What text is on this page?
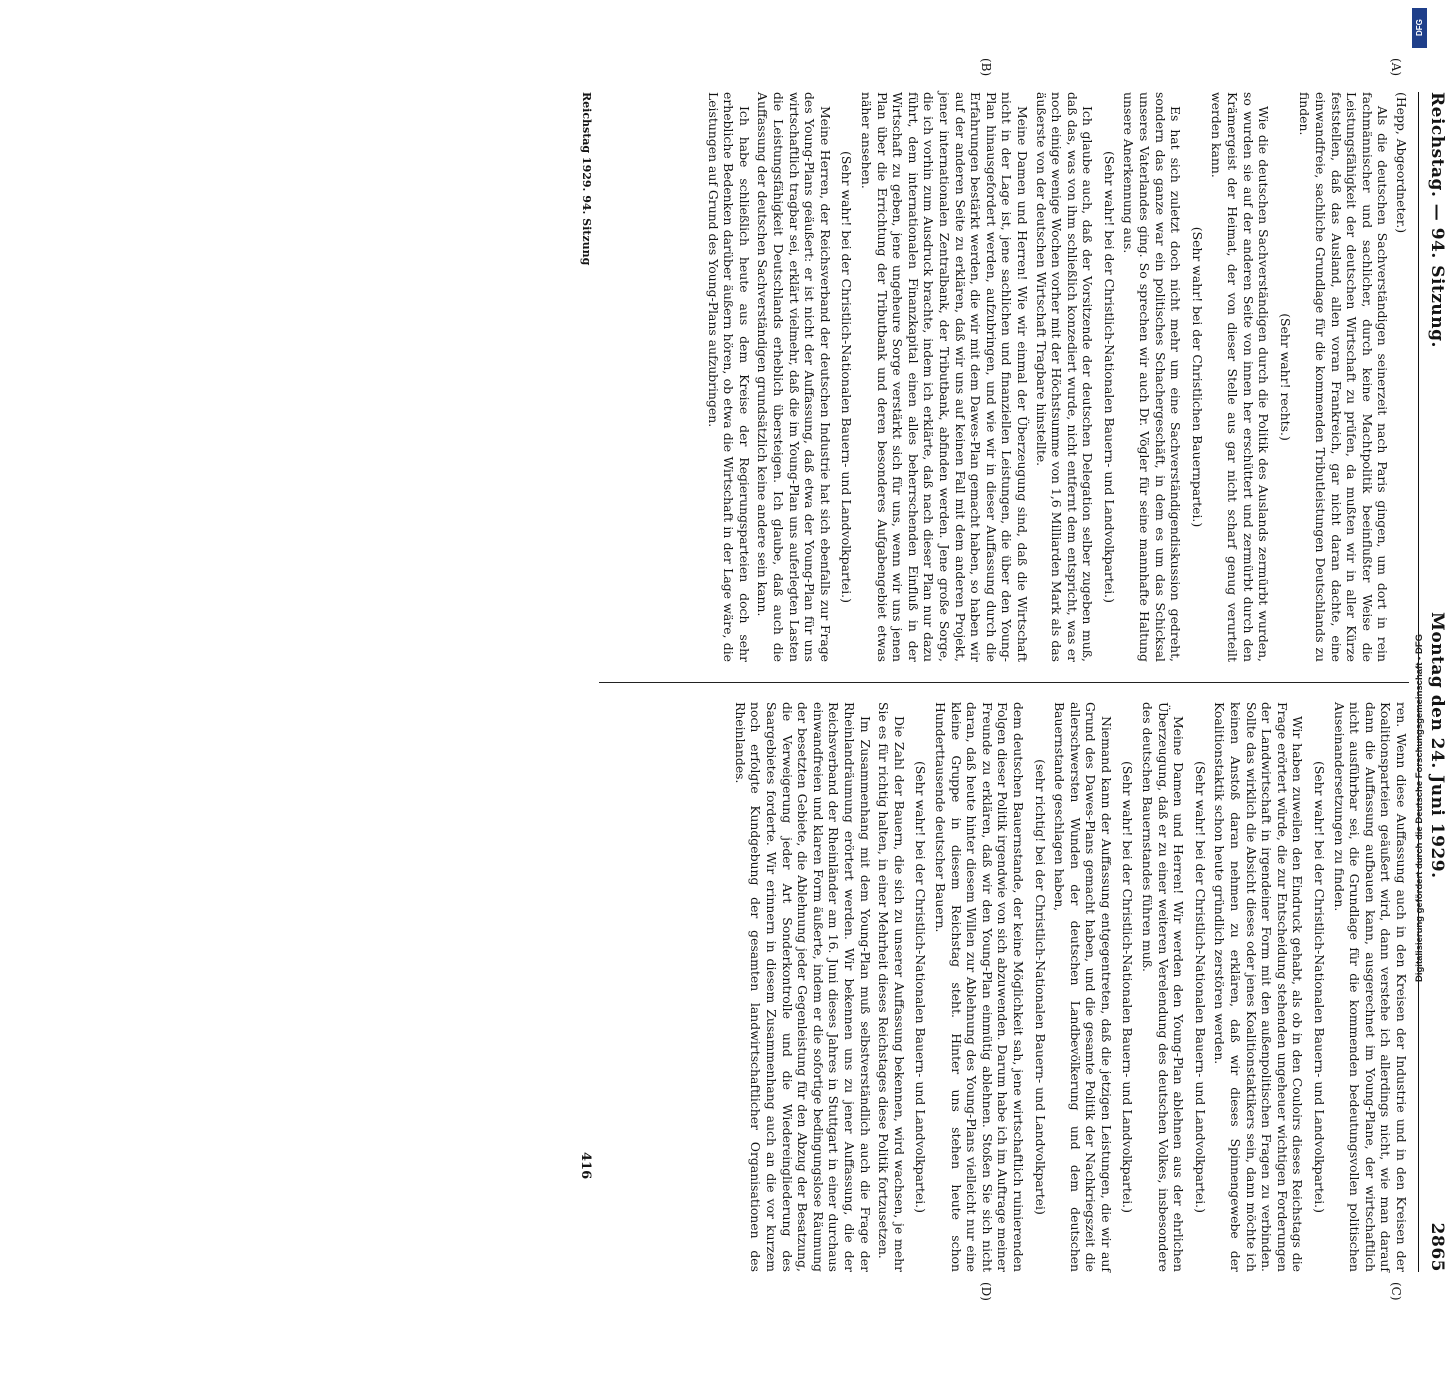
Reichstag. — 94. Sitzung.
Montag den 24. Juni 1929.
2865
(A)
(B)
(C)
(D)

(Hepp, Abgeordneter.)

Als die deutschen Sachverständigen seinerzeit nach Paris gingen, um dort in rein fachmännischer und sachlicher, durch keine Machtpolitik beeinflußter Weise die Leistungsfähigkeit der deutschen Wirtschaft zu prüfen, da mußten wir in aller Kürze feststellen, daß das Ausland, allen voran Frankreich, gar nicht daran dachte, eine einwandfreie, sachliche Grundlage für die kommenden Tributleistungen Deutschlands zu finden.

(Sehr wahr! rechts.)

Wie die deutschen Sachverständigen durch die Politik des Auslands zermürbt wurden, so wurden sie auf der anderen Seite von innen her erschüttert und zermürbt durch den Krämergeist der Heimat, der von dieser Stelle aus gar nicht scharf genug verurteilt werden kann.

(Sehr wahr! bei der Christlichen Bauernpartei.)

Es hat sich zuletzt doch nicht mehr um eine Sachverständigendiskussion gedreht, sondern das ganze war ein politisches Schachergeschäft, in dem es um das Schicksal unseres Vaterlandes ging. So sprechen wir auch Dr. Vögler für seine mannhafte Haltung unsere Anerkennung aus.

(Sehr wahr! bei der Christlich-Nationalen Bauern- und Landvolkpartei.)

Ich glaube auch, daß der Vorsitzende der deutschen Delegation selber zugeben muß, daß das, was von ihm schließlich konzediert wurde, nicht entfernt dem entspricht, was er noch einige wenige Wochen vorher mit der Höchstsumme von 1,6 Milliarden Mark als das äußerste von der deutschen Wirtschaft Tragbare hinstellte.

Meine Damen und Herren! Wie wir einmal der Überzeugung sind, daß die Wirtschaft nicht in der Lage ist, jene sachlichen und finanziellen Leistungen, die über den Young-Plan hinausgefordert werden, aufzubringen, und wie wir in dieser Auffassung durch die Erfahrungen bestärkt werden, die wir mit dem Dawes-Plan gemacht haben, so haben wir auf der anderen Seite zu erklären, daß wir uns auf keinen Fall mit dem anderen Projekt, jener internationalen Zentralbank, der Tributbank, abfinden werden. Jene große Sorge, die ich vorhin zum Ausdruck brachte, indem ich erklärte, daß nach dieser Plan nur dazu führt, dem internationalen Finanzkapital einen alles beherrschenden Einfluß in der Wirtschaft zu geben, jene ungeheure Sorge verstärkt sich für uns, wenn wir uns jenen Plan über die Errichtung der Tributbank und deren besonderes Aufgabengebiet etwas näher ansehen.

(Sehr wahr! bei der Christlich-Nationalen Bauern- und Landvolkpartei.)

Meine Herren, der Reichsverband der deutschen Industrie hat sich ebenfalls zur Frage des Young-Plans geäußert: er ist nicht der Auffassung, daß etwa der Young-Plan für uns wirtschaftlich tragbar sei, erklärt vielmehr, daß die im Young-Plan uns auferlegten Lasten die Leistungsfähigkeit Deutschlands erheblich übersteigen. Ich glaube, daß auch die Auffassung der deutschen Sachverständigen grundsätzlich keine andere sein kann.

Ich habe schließlich heute aus dem Kreise der Regierungsparteien doch sehr erhebliche Bedenken darüber äußern hören, ob etwa die Wirtschaft in der Lage wäre, die Leistungen auf Grund des Young-Plans aufzubringen.

ren. Wenn diese Auffassung auch in den Kreisen der Industrie und in den Kreisen der Koalitionsparteien geäußert wird, dann verstehe ich allerdings nicht, wie man darauf dann die Auffassung aufbauen kann, ausgerechnet im Young-Plane, der wirtschaftlich nicht ausführbar sei, die Grundlage für die kommenden bedeutungsvollen politischen Auseinandersetzungen zu finden.

(Sehr wahr! bei der Christlich-Nationalen Bauern- und Landvolkpartei.)

Wir haben zuweilen den Eindruck gehabt, als ob in den Couloirs dieses Reichstags die Frage erörtert würde, die zur Entscheidung stehenden ungeheuer wichtigen Forderungen der Landwirtschaft in irgendeiner Form mit den außenpolitischen Fragen zu verbinden. Sollte das wirklich die Absicht dieses oder jenes Koalitionstaktikers sein, dann möchte ich keinen Anstoß daran nehmen zu erklären, daß wir dieses Spinnengewebe der Koalitionstaktik schon heute gründlich zerstören werden.

(Sehr wahr! bei der Christlich-Nationalen Bauern- und Landvolkpartei.)

Meine Damen und Herren! Wir werden den Young-Plan ablehnen aus der ehrlichen Überzeugung, daß er zu einer weiteren Verelendung des deutschen Volkes, insbesondere des deutschen Bauernstandes führen muß.

(Sehr wahr! bei der Christlich-Nationalen Bauern- und Landvolkpartei.)

Niemand kann der Auffassung entgegentreten, daß die jetzigen Leistungen, die wir auf Grund des Dawes-Plans gemacht haben, und die gesamte Politik der Nachkriegszeit die allerschwersten Wunden der deutschen Landbevölkerung und dem deutschen Bauernstande geschlagen haben,

(sehr richtig! bei der Christlich-Nationalen Bauern- und Landvolkpartei)

dem deutschen Bauernstande, der keine Möglichkeit sah, jene wirtschaftlich ruinierenden Folgen dieser Politik irgendwie von sich abzuwenden. Darum habe ich im Auftrage meiner Freunde zu erklären, daß wir den Young-Plan einmütig ablehnen. Stoßen Sie sich nicht daran, daß heute hinter diesem Willen zur Ablehnung des Young-Plans vielleicht nur eine kleine Gruppe in diesem Reichstag steht. Hinter uns stehen heute schon Hunderttausende deutscher Bauern.

(Sehr wahr! bei der Christlich-Nationalen Bauern- und Landvolkpartei.)

Die Zahl der Bauern, die sich zu unserer Auffassung bekennen, wird wachsen, je mehr Sie es für richtig halten, in einer Mehrheit dieses Reichstages diese Politik fortzusetzen.

Im Zusammenhang mit dem Young-Plan muß selbstverständlich auch die Frage der Rheinlandräumung erörtert werden. Wir bekennen uns zu jener Auffassung, die der Reichsverband der Rheinländer am 16. Juni dieses Jahres in Stuttgart in einer durchaus einwandfreien und klaren Form äußerte, indem er die sofortige bedingungslose Räumung der besetzten Gebiete, die Ablehnung jeder Gegenleistung für den Abzug der Besatzung, die Verweigerung jeder Art Sonderkontrolle und die Wiedereingliederung des Saargebietes forderte. Wir erinnern in diesem Zusammenhang auch an die vor kurzem noch erfolgte Kundgebung der gesamten landwirtschaftlicher Organisationen des Rheinlandes.

Reichstag 1929. 94. Sitzung
416
DFG
Digitalisierung gefördert durch die Deutsche Forschungsgemeinschaft • DFG
